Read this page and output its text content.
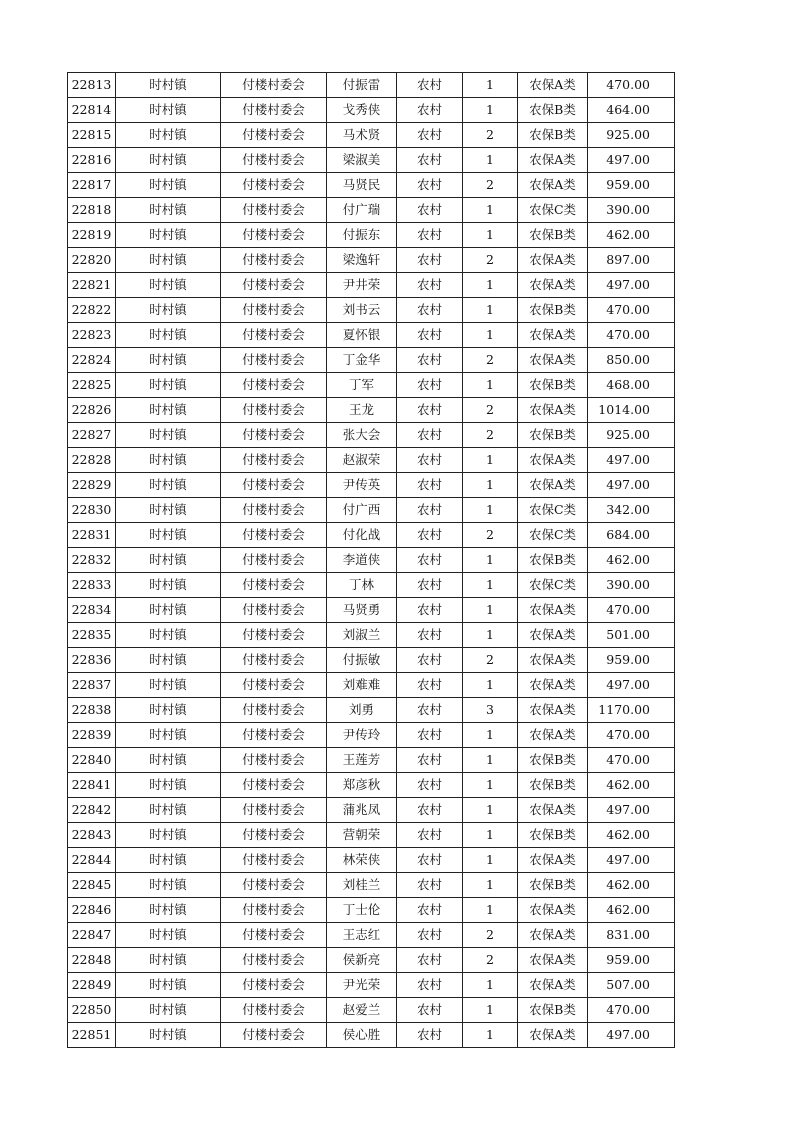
22813	时村镇	付楼村委会	付振雷	农村	1	农保A类	470.00
22814	时村镇	付楼村委会	戈秀侠	农村	1	农保B类	464.00
22815	时村镇	付楼村委会	马术贤	农村	2	农保B类	925.00
22816	时村镇	付楼村委会	梁淑美	农村	1	农保A类	497.00
22817	时村镇	付楼村委会	马贤民	农村	2	农保A类	959.00
22818	时村镇	付楼村委会	付广瑞	农村	1	农保C类	390.00
22819	时村镇	付楼村委会	付振东	农村	1	农保B类	462.00
22820	时村镇	付楼村委会	梁逸轩	农村	2	农保A类	897.00
22821	时村镇	付楼村委会	尹井荣	农村	1	农保A类	497.00
22822	时村镇	付楼村委会	刘书云	农村	1	农保B类	470.00
22823	时村镇	付楼村委会	夏怀银	农村	1	农保A类	470.00
22824	时村镇	付楼村委会	丁金华	农村	2	农保A类	850.00
22825	时村镇	付楼村委会	丁军	农村	1	农保B类	468.00
22826	时村镇	付楼村委会	王龙	农村	2	农保A类	1014.00
22827	时村镇	付楼村委会	张大会	农村	2	农保B类	925.00
22828	时村镇	付楼村委会	赵淑荣	农村	1	农保A类	497.00
22829	时村镇	付楼村委会	尹传英	农村	1	农保A类	497.00
22830	时村镇	付楼村委会	付广西	农村	1	农保C类	342.00
22831	时村镇	付楼村委会	付化战	农村	2	农保C类	684.00
22832	时村镇	付楼村委会	李道侠	农村	1	农保B类	462.00
22833	时村镇	付楼村委会	丁林	农村	1	农保C类	390.00
22834	时村镇	付楼村委会	马贤勇	农村	1	农保A类	470.00
22835	时村镇	付楼村委会	刘淑兰	农村	1	农保A类	501.00
22836	时村镇	付楼村委会	付振敏	农村	2	农保A类	959.00
22837	时村镇	付楼村委会	刘难难	农村	1	农保A类	497.00
22838	时村镇	付楼村委会	刘勇	农村	3	农保A类	1170.00
22839	时村镇	付楼村委会	尹传玲	农村	1	农保A类	470.00
22840	时村镇	付楼村委会	王莲芳	农村	1	农保B类	470.00
22841	时村镇	付楼村委会	郑彦秋	农村	1	农保B类	462.00
22842	时村镇	付楼村委会	蒲兆凤	农村	1	农保A类	497.00
22843	时村镇	付楼村委会	营朝荣	农村	1	农保B类	462.00
22844	时村镇	付楼村委会	林荣侠	农村	1	农保A类	497.00
22845	时村镇	付楼村委会	刘桂兰	农村	1	农保B类	462.00
22846	时村镇	付楼村委会	丁士伦	农村	1	农保A类	462.00
22847	时村镇	付楼村委会	王志红	农村	2	农保A类	831.00
22848	时村镇	付楼村委会	侯新亮	农村	2	农保A类	959.00
22849	时村镇	付楼村委会	尹光荣	农村	1	农保A类	507.00
22850	时村镇	付楼村委会	赵爱兰	农村	1	农保B类	470.00
22851	时村镇	付楼村委会	侯心胜	农村	1	农保A类	497.00
